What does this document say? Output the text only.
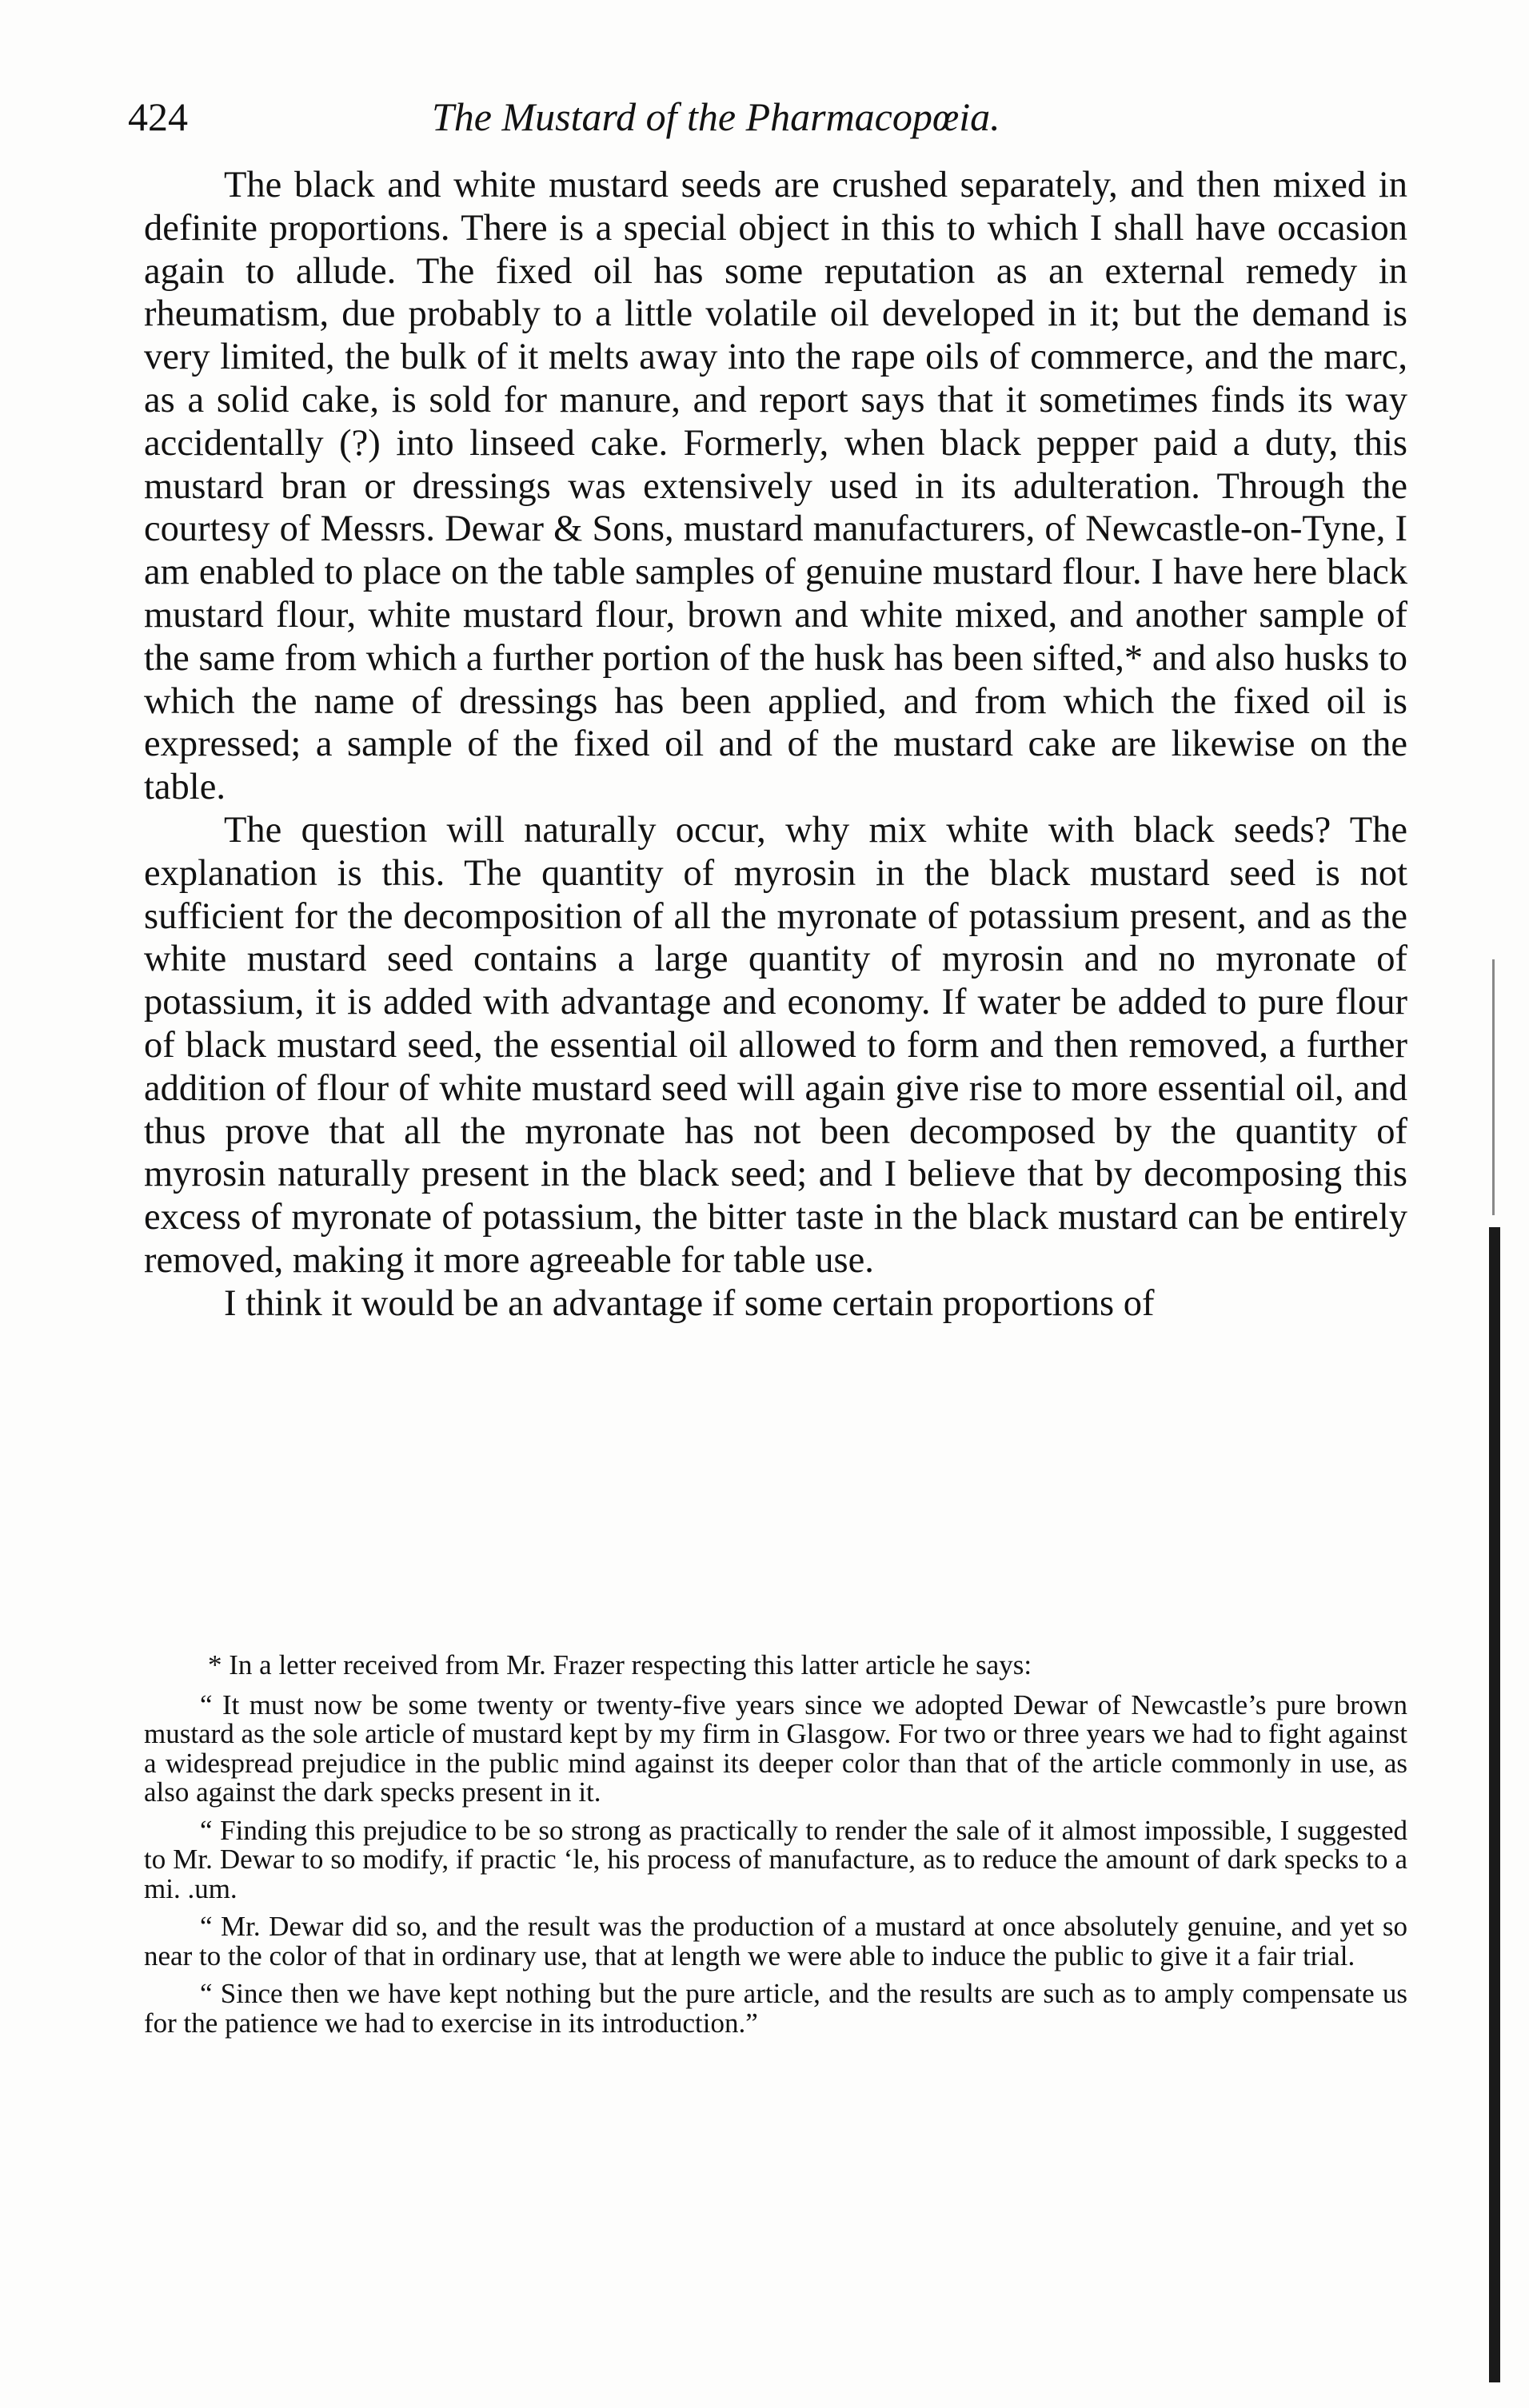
424	The Mustard of the Pharmacopœia.

The black and white mustard seeds are crushed separately, and then mixed in definite proportions. There is a special object in this to which I shall have occasion again to allude. The fixed oil has some reputation as an external remedy in rheumatism, due probably to a little volatile oil developed in it; but the demand is very limited, the bulk of it melts away into the rape oils of commerce, and the marc, as a solid cake, is sold for manure, and report says that it sometimes finds its way accidentally (?) into linseed cake. Formerly, when black pepper paid a duty, this mustard bran or dressings was extensively used in its adulteration. Through the courtesy of Messrs. Dewar & Sons, mustard manufacturers, of Newcastle-on-Tyne, I am enabled to place on the table samples of genuine mustard flour. I have here black mustard flour, white mustard flour, brown and white mixed, and another sample of the same from which a further portion of the husk has been sifted,* and also husks to which the name of dressings has been applied, and from which the fixed oil is expressed; a sample of the fixed oil and of the mustard cake are likewise on the table.

The question will naturally occur, why mix white with black seeds? The explanation is this. The quantity of myrosin in the black mustard seed is not sufficient for the decomposition of all the myronate of potassium present, and as the white mustard seed contains a large quantity of myrosin and no myronate of potassium, it is added with advantage and economy. If water be added to pure flour of black mustard seed, the essential oil allowed to form and then removed, a further addition of flour of white mustard seed will again give rise to more essential oil, and thus prove that all the myronate has not been decomposed by the quantity of myrosin naturally present in the black seed; and I believe that by decomposing this excess of myronate of potassium, the bitter taste in the black mustard can be entirely removed, making it more agreeable for table use.

I think it would be an advantage if some certain proportions of

* In a letter received from Mr. Frazer respecting this latter article he says:

“ It must now be some twenty or twenty-five years since we adopted Dewar of Newcastle’s pure brown mustard as the sole article of mustard kept by my firm in Glasgow. For two or three years we had to fight against a widespread prejudice in the public mind against its deeper color than that of the article commonly in use, as also against the dark specks present in it.

“ Finding this prejudice to be so strong as practically to render the sale of it almost impossible, I suggested to Mr. Dewar to so modify, if practic ‘le, his process of manufacture, as to reduce the amount of dark specks to a mi. .um.

“ Mr. Dewar did so, and the result was the production of a mustard at once absolutely genuine, and yet so near to the color of that in ordinary use, that at length we were able to induce the public to give it a fair trial.

“ Since then we have kept nothing but the pure article, and the results are such as to amply compensate us for the patience we had to exercise in its introduction.”
